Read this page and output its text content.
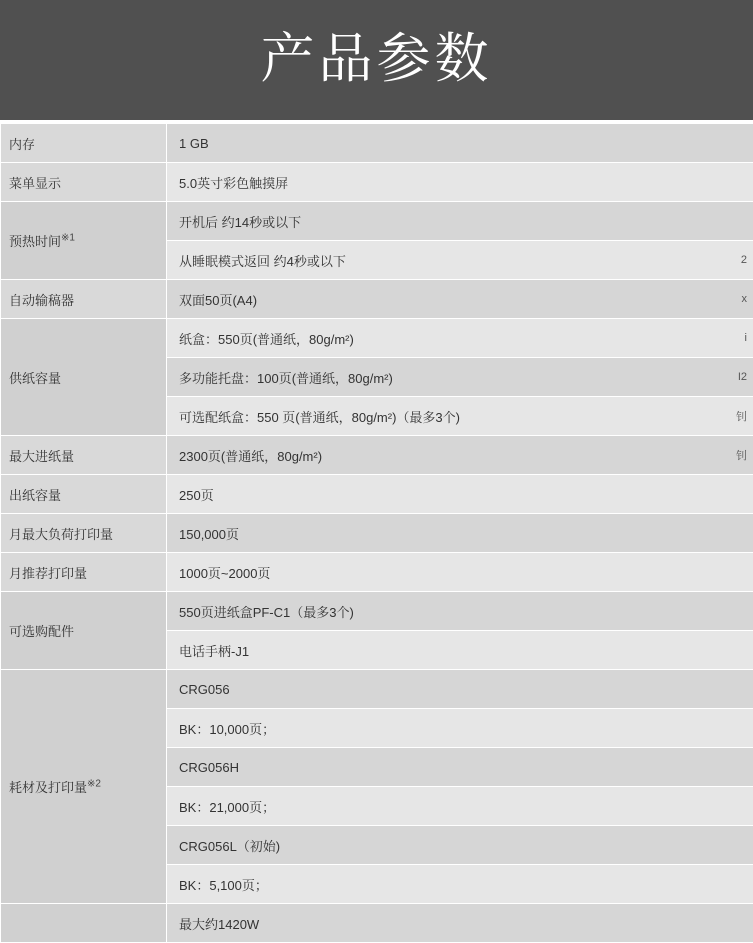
产品参数
内存	1 GB
菜单显示	5.0英寸彩色触摸屏
预热时间$^{※1}$	开机后 约14秒或以下
	从睡眠模式返回 约4秒或以下 2

自动输稿器	双面50页(A4) x

供纸容量	纸盒：550页(普通纸，80g/m²) i

	多功能托盘：100页(普通纸，80g/m²) I2

	可选配纸盒：550 页(普通纸，80g/m²)（最多3个) 钊

最大进纸量	2300页(普通纸，80g/m²) 钊

出纸容量	250页
月最大负荷打印量	150,000页
月推荐打印量	1000页~2000页
可选购配件	550页进纸盒PF-C1（最多3个)
	电话手柄-J1
耗材及打印量$^{※2}$	CRG056
	BK：10,000页；
	CRG056H
	BK：21,000页；
	CRG056L（初始)
	BK：5,100页；
	最大约1420W
